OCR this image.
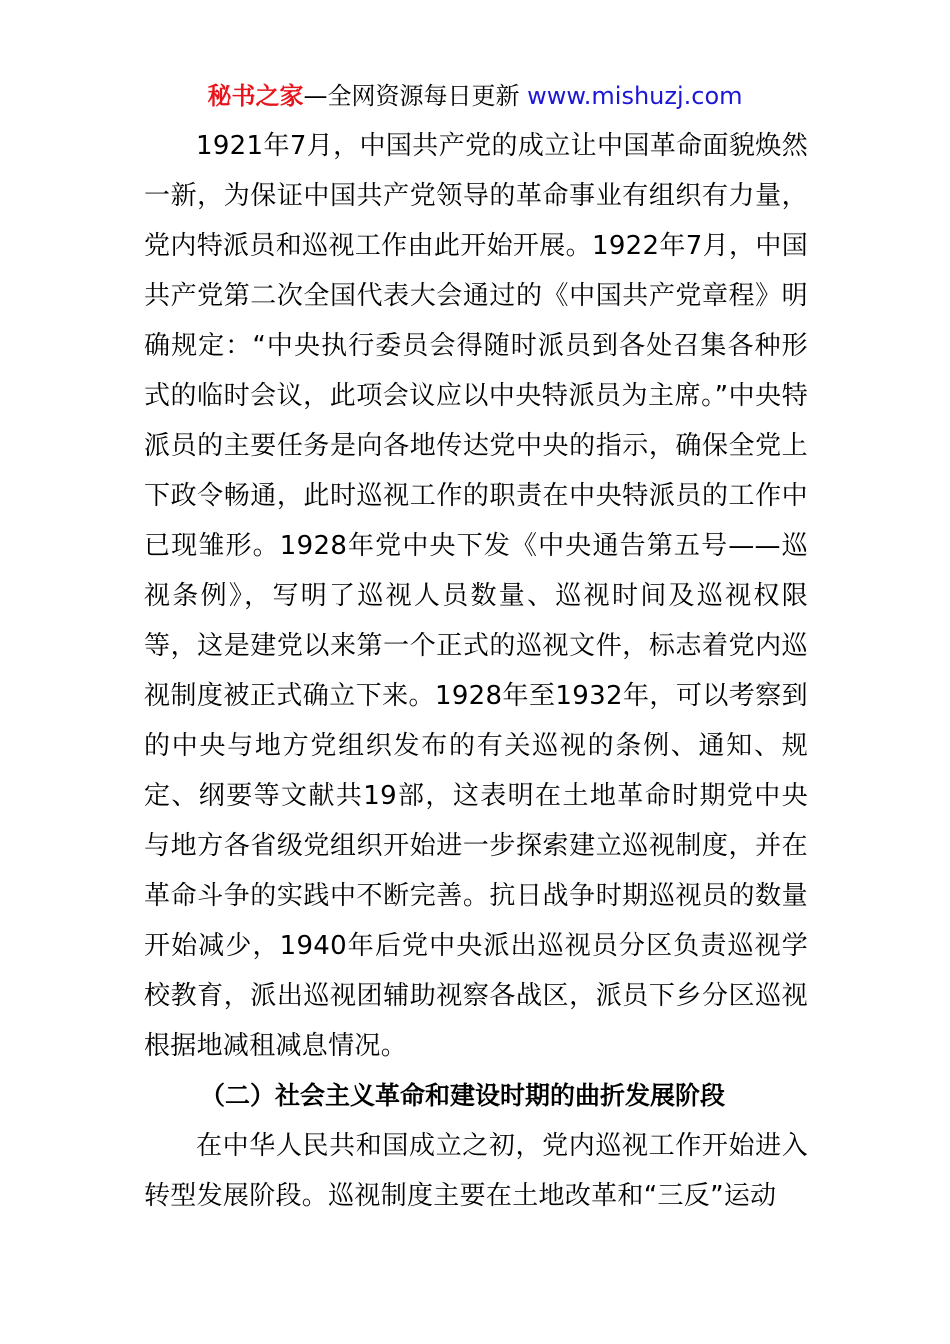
秘书之家—全网资源每日更新 www.mishuzj.com

1921年7月，中国共产党的成立让中国革命面貌焕然一新，为保证中国共产党领导的革命事业有组织有力量，党内特派员和巡视工作由此开始开展。1922年7月，中国共产党第二次全国代表大会通过的《中国共产党章程》明确规定：“中央执行委员会得随时派员到各处召集各种形式的临时会议，此项会议应以中央特派员为主席。”中央特派员的主要任务是向各地传达党中央的指示，确保全党上下政令畅通，此时巡视工作的职责在中央特派员的工作中已现雏形。1928年党中央下发《中央通告第五号——巡视条例》，写明了巡视人员数量、巡视时间及巡视权限等，这是建党以来第一个正式的巡视文件，标志着党内巡视制度被正式确立下来。1928年至1932年，可以考察到的中央与地方党组织发布的有关巡视的条例、通知、规定、纲要等文献共19部，这表明在土地革命时期党中央与地方各省级党组织开始进一步探索建立巡视制度，并在革命斗争的实践中不断完善。抗日战争时期巡视员的数量开始减少，1940年后党中央派出巡视员分区负责巡视学校教育，派出巡视团辅助视察各战区，派员下乡分区巡视根据地减租减息情况。

（二）社会主义革命和建设时期的曲折发展阶段

在中华人民共和国成立之初，党内巡视工作开始进入转型发展阶段。巡视制度主要在土地改革和“三反”运动
